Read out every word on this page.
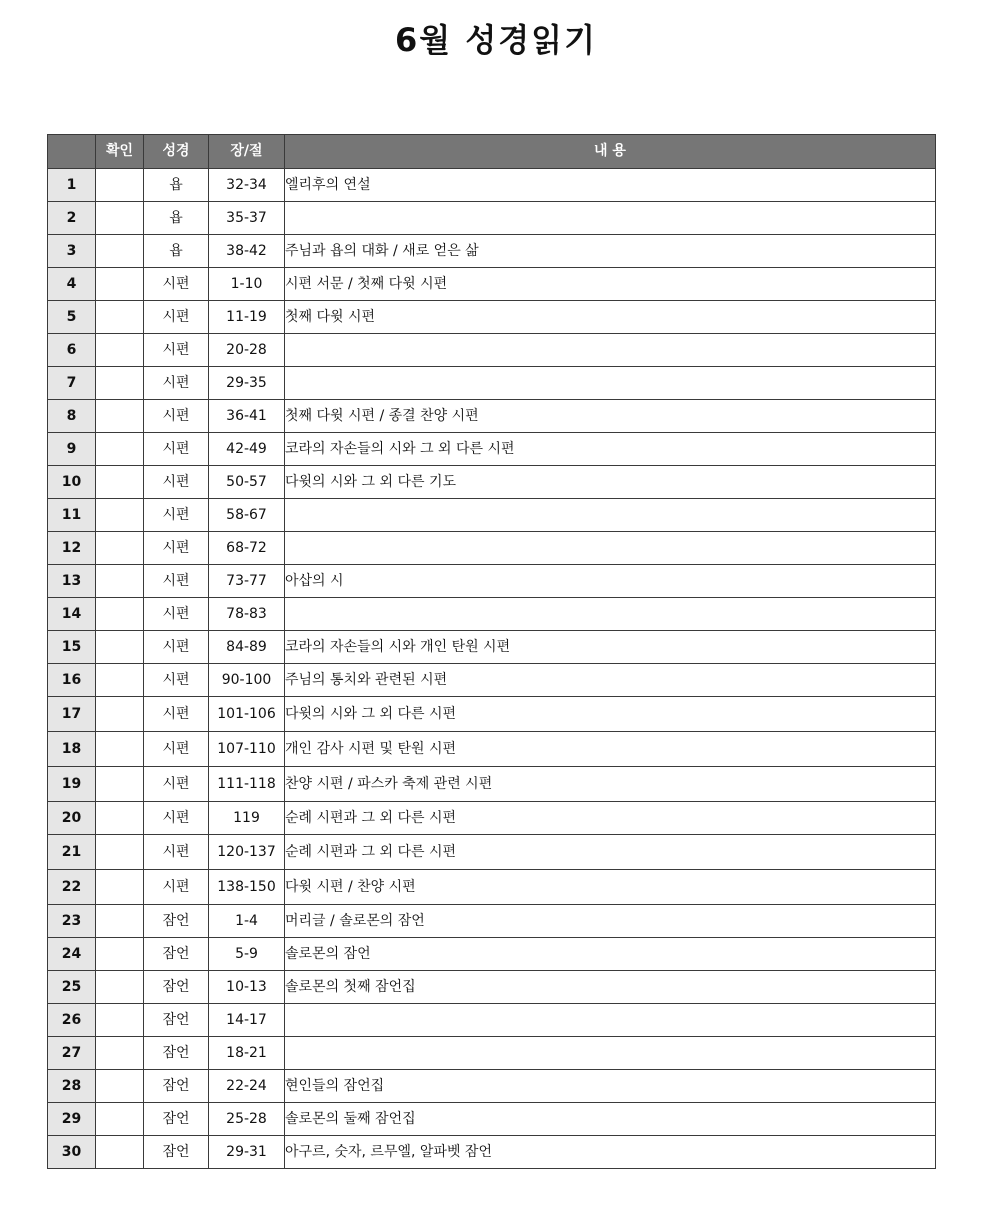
6월 성경읽기
	확인	성경	장/절	내 용
1		욥	32-34	엘리후의 연설
2		욥	35-37	
3		욥	38-42	주님과 욥의 대화 / 새로 얻은 삶
4		시편	1-10	시편 서문 / 첫째 다윗 시편
5		시편	11-19	첫째 다윗 시편
6		시편	20-28	
7		시편	29-35	
8		시편	36-41	첫째 다윗 시편 / 종결 찬양 시편
9		시편	42-49	코라의 자손들의 시와 그 외 다른 시편
10		시편	50-57	다윗의 시와 그 외 다른 기도
11		시편	58-67	
12		시편	68-72	
13		시편	73-77	아삽의 시
14		시편	78-83	
15		시편	84-89	코라의 자손들의 시와 개인 탄원 시편
16		시편	90-100	주님의 통치와 관련된 시편
17		시편	101-106	다윗의 시와 그 외 다른 시편
18		시편	107-110	개인 감사 시편 및 탄원 시편
19		시편	111-118	찬양 시편 / 파스카 축제 관련 시편
20		시편	119	순례 시편과 그 외 다른 시편
21		시편	120-137	순례 시편과 그 외 다른 시편
22		시편	138-150	다윗 시편 / 찬양 시편
23		잠언	1-4	머리글 / 솔로몬의 잠언
24		잠언	5-9	솔로몬의 잠언
25		잠언	10-13	솔로몬의 첫째 잠언집
26		잠언	14-17	
27		잠언	18-21	
28		잠언	22-24	현인들의 잠언집
29		잠언	25-28	솔로몬의 둘째 잠언집
30		잠언	29-31	아구르, 숫자, 르무엘, 알파벳 잠언
